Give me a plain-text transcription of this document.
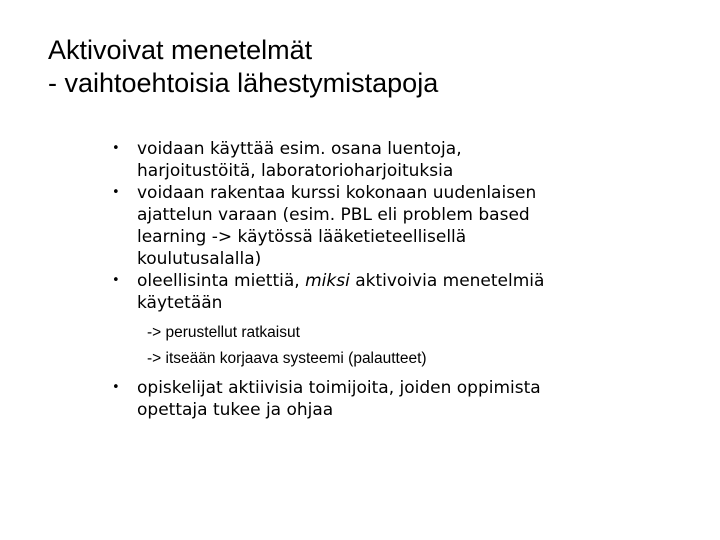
Aktivoivat menetelmät
- vaihtoehtoisia lähestymistapoja
•	voidaan käyttää esim. osana luentoja,
harjoitustöitä, laboratorioharjoituksia
•	voidaan rakentaa kurssi kokonaan uudenlaisen
ajattelun varaan (esim. PBL eli problem based
learning -> käytössä lääketieteellisellä
koulutusalalla)
•	oleellisinta miettiä, miksi aktivoivia menetelmiä
käytetään
-> perustellut ratkaisut
-> itseään korjaava systeemi (palautteet)
•	opiskelijat aktiivisia toimijoita, joiden oppimista
opettaja tukee ja ohjaa
